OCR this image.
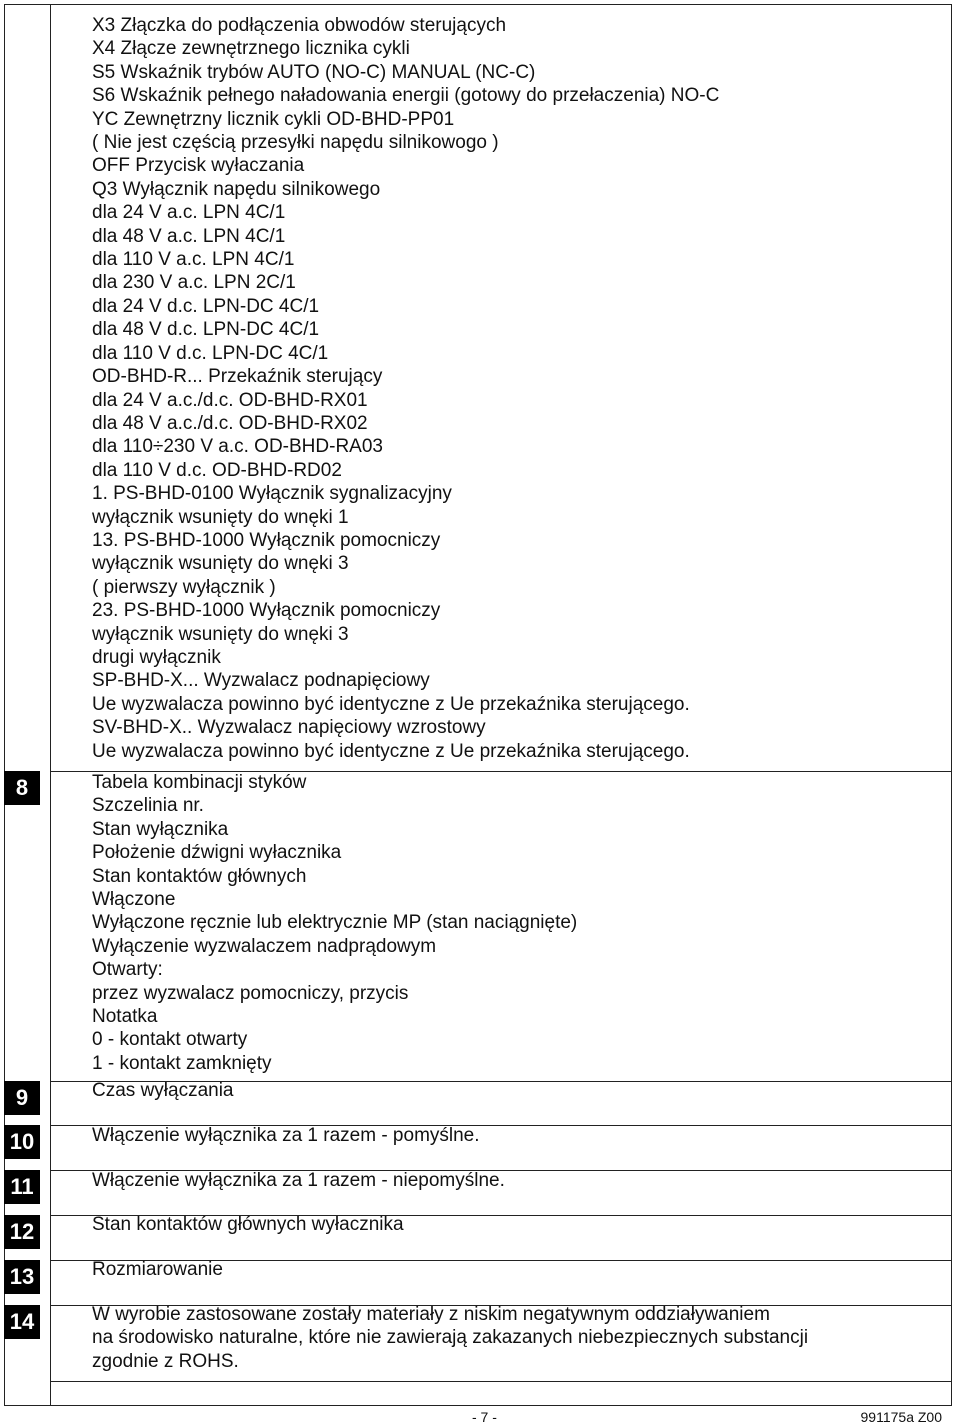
8
9
10
11
12
13
14
X3 Złączka do podłączenia obwodów sterujących
X4 Złącze zewnętrznego licznika cykli
S5 Wskaźnik trybów AUTO (NO-C) MANUAL (NC-C)
S6 Wskaźnik pełnego naładowania energii (gotowy do przełaczenia) NO-C
YC Zewnętrzny licznik cykli OD-BHD-PP01
( Nie jest częścią przesyłki napędu silnikowogo )
OFF Przycisk wyłaczania
Q3 Wyłącznik napędu silnikowego
dla 24 V a.c. LPN 4C/1
dla 48 V a.c. LPN 4C/1
dla 110 V a.c. LPN 4C/1
dla 230 V a.c. LPN 2C/1
dla 24 V d.c. LPN-DC 4C/1
dla 48 V d.c. LPN-DC 4C/1
dla 110 V d.c. LPN-DC 4C/1
OD-BHD-R... Przekaźnik sterujący
dla 24 V a.c./d.c. OD-BHD-RX01
dla 48 V a.c./d.c. OD-BHD-RX02
dla 110÷230 V a.c. OD-BHD-RA03
dla 110 V d.c. OD-BHD-RD02
1. PS-BHD-0100 Wyłącznik sygnalizacyjny
wyłącznik wsunięty do wnęki 1
13. PS-BHD-1000 Wyłącznik pomocniczy
wyłącznik wsunięty do wnęki 3
( pierwszy wyłącznik )
23. PS-BHD-1000 Wyłącznik pomocniczy
wyłącznik wsunięty do wnęki 3
drugi wyłącznik
SP-BHD-X... Wyzwalacz podnapięciowy
Ue wyzwalacza powinno być identyczne z Ue przekaźnika sterującego.
SV-BHD-X.. Wyzwalacz napięciowy wzrostowy
Ue wyzwalacza powinno być identyczne z Ue przekaźnika sterującego.
Tabela kombinacji styków
Szczelinia nr.
Stan wyłącznika
Położenie dźwigni wyłacznika
Stan kontaktów głównych
Włączone
Wyłączone ręcznie lub elektrycznie MP (stan naciągnięte)
Wyłączenie wyzwalaczem nadprądowym
Otwarty:
przez wyzwalacz pomocniczy, przycis
Notatka
0 - kontakt otwarty
1 - kontakt zamknięty
Czas wyłączania
Włączenie wyłącznika za 1 razem - pomyślne.
Włączenie wyłącznika za 1 razem - niepomyślne.
Stan kontaktów głównych wyłacznika
Rozmiarowanie
W wyrobie zastosowane zostały materiały z niskim negatywnym oddziaływaniem
na środowisko naturalne, które nie zawierają zakazanych niebezpiecznych substancji
zgodnie z ROHS.
- 7 -	991175a Z00
